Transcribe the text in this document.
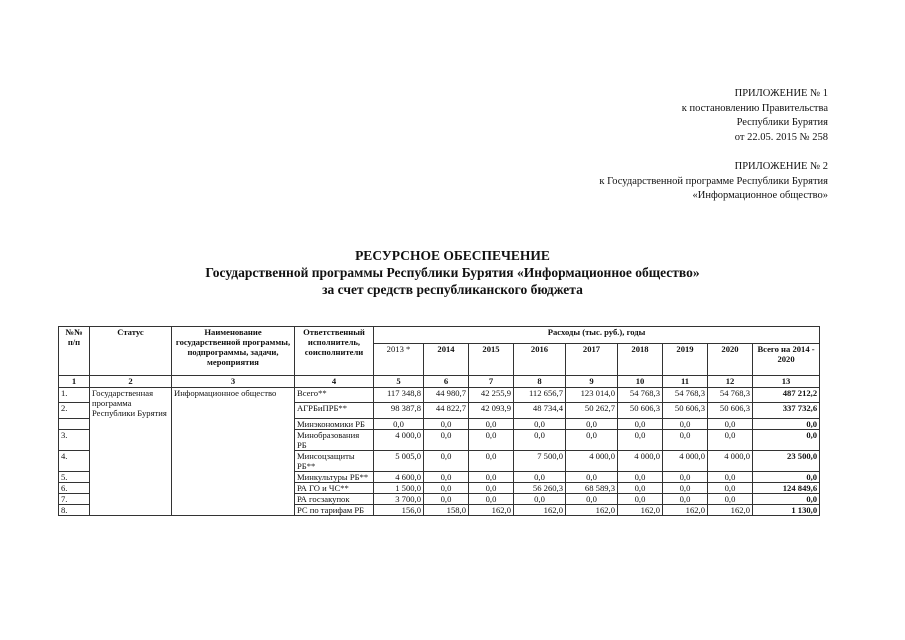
ПРИЛОЖЕНИЕ № 1
к постановлению Правительства
Республики Бурятия
от 22.05. 2015 № 258
ПРИЛОЖЕНИЕ № 2
к Государственной программе Республики Бурятия
«Информационное общество»
РЕСУРСНОЕ ОБЕСПЕЧЕНИЕ
Государственной программы Республики Бурятия «Информационное общество»
за счет средств республиканского бюджета
№№ п/п	Статус	Наименование государственной программы, подпрограммы, задачи, мероприятия	Ответственный исполнитель, соисполнители	Расходы (тыс. руб.), годы								
				2013 *	2014	2015	2016	2017	2018	2019	2020	Всего на 2014 - 2020
1	2	3	4	5	6	7	8	9	10	11	12	13
1.	Государственная программа Республики Бурятия	Информационное общество	Всего**	117 348,8	44 980,7	42 255,9	112 656,7	123 014,0	54 768,3	54 768,3	54 768,3	487 212,2
2.			АГРБиПРБ**	98 387,8	44 822,7	42 093,9	48 734,4	50 262,7	50 606,3	50 606,3	50 606,3	337 732,6
			Минэкономики РБ	0,0	0,0	0,0	0,0	0,0	0,0	0,0	0,0	0,0
3.			Минобразования РБ	4 000,0	0,0	0,0	0,0	0,0	0,0	0,0	0,0	0,0
4.			Минсоцзащиты РБ**	5 005,0	0,0	0,0	7 500,0	4 000,0	4 000,0	4 000,0	4 000,0	23 500,0
5.			Минкультуры РБ**	4 600,0	0,0	0,0	0,0	0,0	0,0	0,0	0,0	0,0
6.			РА ГО и ЧС**	1 500,0	0,0	0,0	56 260,3	68 589,3	0,0	0,0	0,0	124 849,6
7.			РА госзакупок	3 700,0	0,0	0,0	0,0	0,0	0,0	0,0	0,0	0,0
8.			РС по тарифам РБ	156,0	158,0	162,0	162,0	162,0	162,0	162,0	162,0	1 130,0
